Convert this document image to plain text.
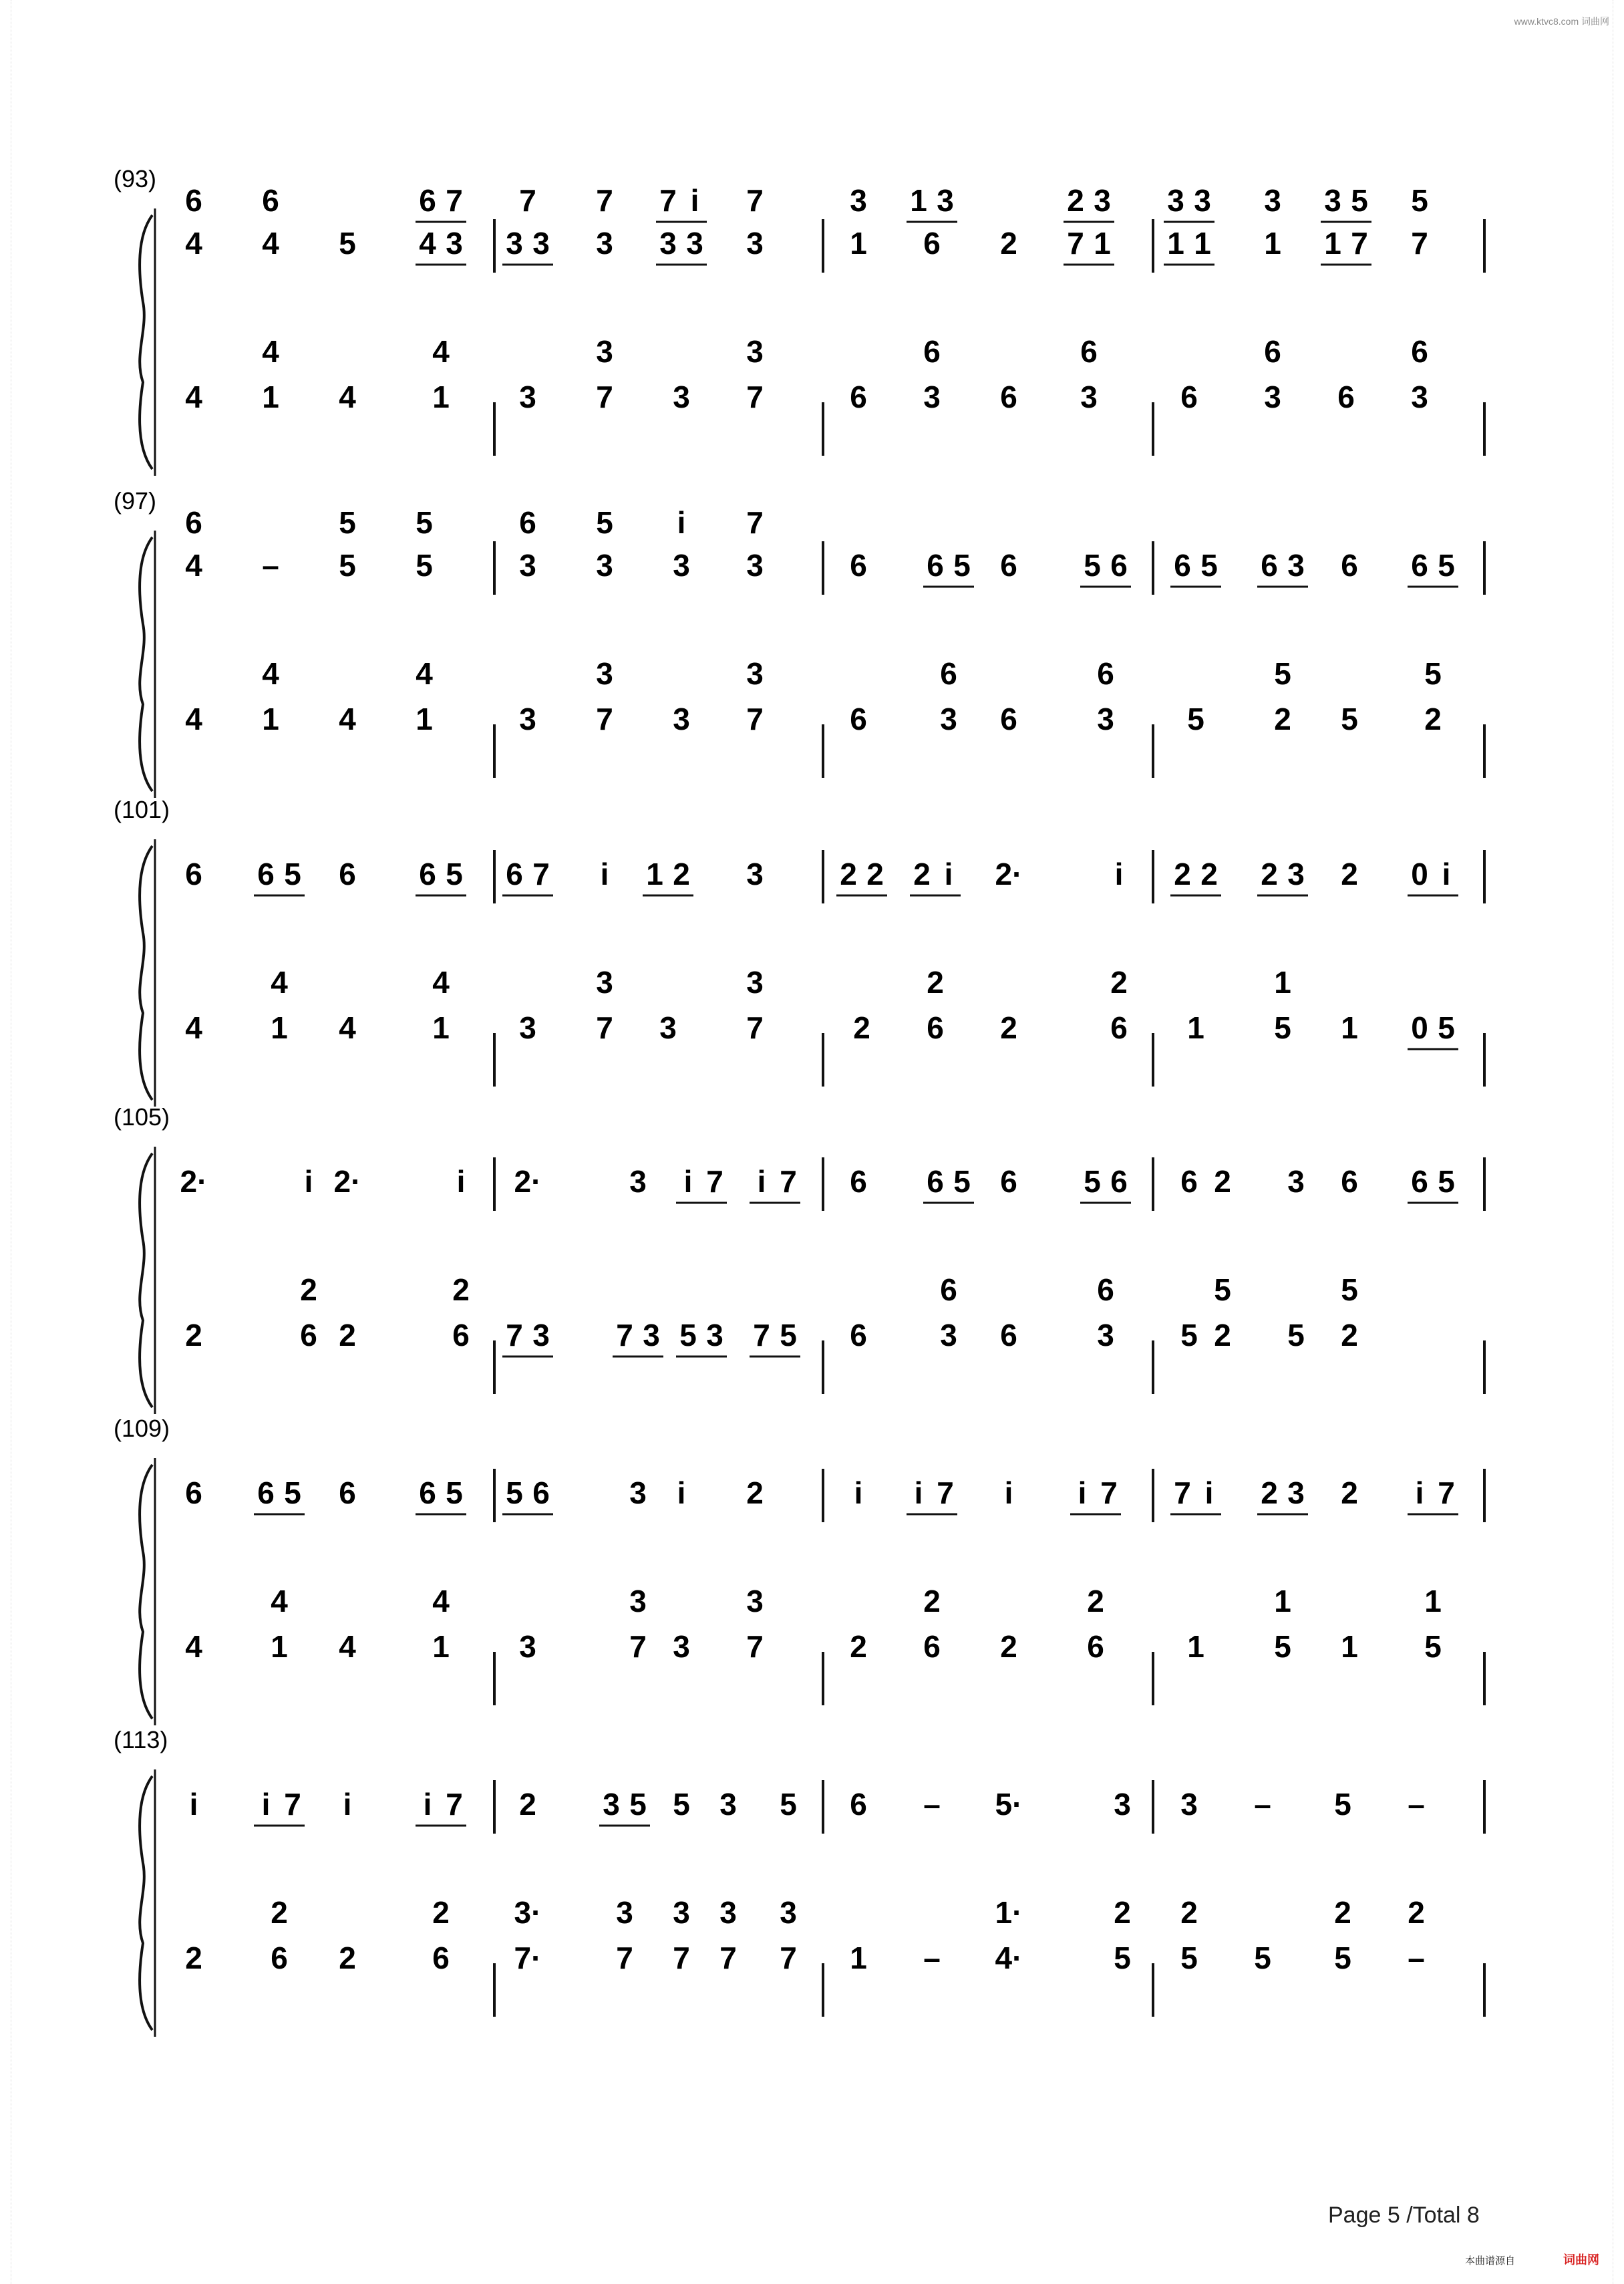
www.ktvc8.com 词曲网
(93)
6 6	6 7 7 7 7 i 7	3 1 3	2 3 3 3 3 3 5 5
4 4 5 4 3 3 3 3 3 3 3	1 6 2 7 1 1 1 1 1 7 7
4	4	3	3	6	6	6	6
4 1 4 1 3 7 3 7	6 3 6 3	6 3 6 3
(97)
6	5 5	6 5 i 7
4 – 5 5	3 3 3 3	6 6 5 6 5 6 6 5 6 3 6 6 5
4	4	3	3	6	6	5	5
4 1 4 1	3 7 3 7	6 3 6	3 5 2 5 2
(101)
6 6 5 6 6 5 6 7 i 1 2 3 2 2 2 i 2·	i 2 2 2 3 2 0 i
4	4	3	3	2	2	1
4 1 4 1 3 7 3 7	2 6 2	6 1 5 1 0 5
(105)
2·	i 2·	i 2·	3 i 7 i 7 6 6 5 6 5 6 6 2 3 6 6 5
2	2	6	6	5	5
2	6 2	6 7 3 7 3 5 3 7 5 6 3 6	3 5 2 5 2
(109)
6 6 5 6 6 5 5 6	3 i 2	i i 7 i i 7 7 i 2 3 2 i 7
4	4	3	3	2	2	1	1
4 1 4 1 3	7 3 7	2 6 2 6	1 5 1 5
(113)
i i 7 i i 7 2 3 5 5 3 5 6 – 5·	3 3 – 5 –
2	2 3· 3 3 3 3	1·	2 2	2 2
2 6 2 6 7· 7 7 7 7 1 – 4·	5 5 5 5 –
Page 5 /Total 8
本曲谱源自	词曲网
